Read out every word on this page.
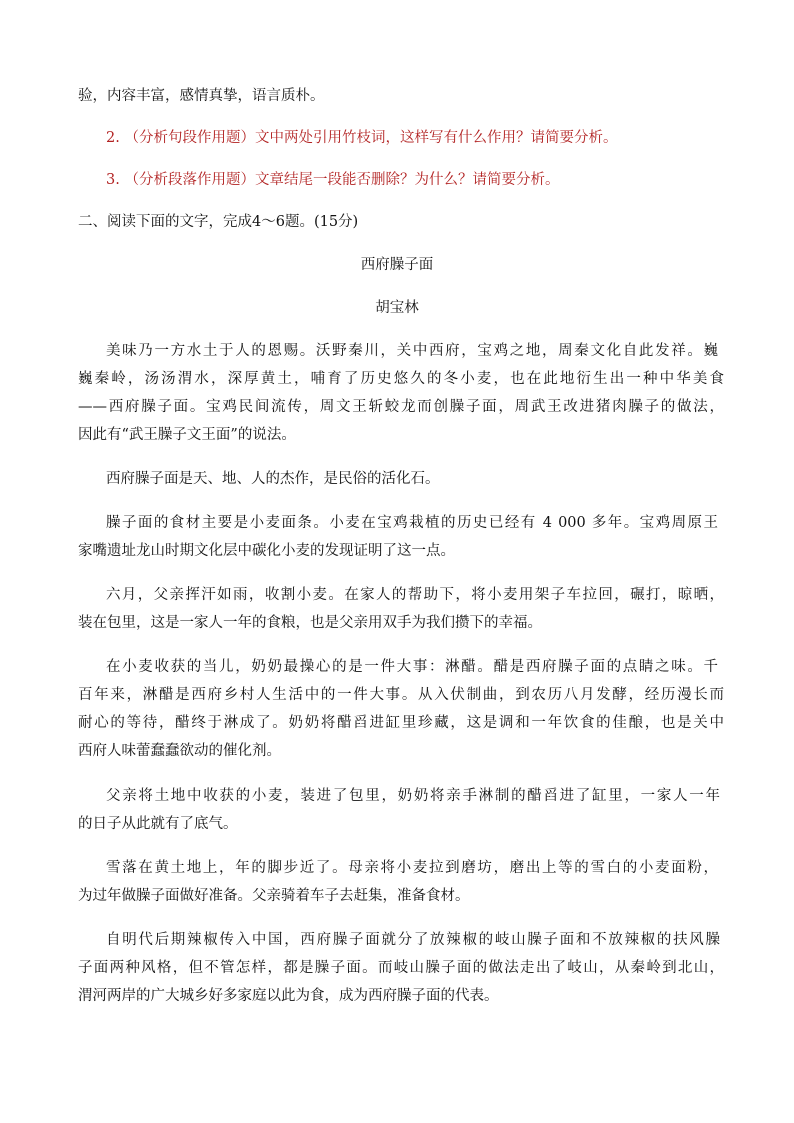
验，内容丰富，感情真挚，语言质朴。
2. （分析句段作用题）文中两处引用竹枝词，这样写有什么作用？请简要分析。
3. （分析段落作用题）文章结尾一段能否删除？为什么？请简要分析。
二、阅读下面的文字，完成4～6题。(15分)
西府臊子面
胡宝林
美味乃一方水土于人的恩赐。沃野秦川，关中西府，宝鸡之地，周秦文化自此发祥。巍
巍秦岭，汤汤渭水，深厚黄土，哺育了历史悠久的冬小麦，也在此地衍生出一种中华美食
——西府臊子面。宝鸡民间流传，周文王斩蛟龙而创臊子面，周武王改进猪肉臊子的做法，
因此有“武王臊子文王面”的说法。
西府臊子面是天、地、人的杰作，是民俗的活化石。
臊子面的食材主要是小麦面条。小麦在宝鸡栽植的历史已经有 4 000 多年。宝鸡周原王
家嘴遗址龙山时期文化层中碳化小麦的发现证明了这一点。
六月，父亲挥汗如雨，收割小麦。在家人的帮助下，将小麦用架子车拉回，碾打，晾晒，
装在包里，这是一家人一年的食粮，也是父亲用双手为我们攒下的幸福。
在小麦收获的当儿，奶奶最操心的是一件大事：淋醋。醋是西府臊子面的点睛之味。千
百年来，淋醋是西府乡村人生活中的一件大事。从入伏制曲，到农历八月发酵，经历漫长而
耐心的等待，醋终于淋成了。奶奶将醋舀进缸里珍藏，这是调和一年饮食的佳酿，也是关中
西府人味蕾蠢蠢欲动的催化剂。
父亲将土地中收获的小麦，装进了包里，奶奶将亲手淋制的醋舀进了缸里，一家人一年
的日子从此就有了底气。
雪落在黄土地上，年的脚步近了。母亲将小麦拉到磨坊，磨出上等的雪白的小麦面粉，
为过年做臊子面做好准备。父亲骑着车子去赶集，准备食材。
自明代后期辣椒传入中国，西府臊子面就分了放辣椒的岐山臊子面和不放辣椒的扶风臊
子面两种风格，但不管怎样，都是臊子面。而岐山臊子面的做法走出了岐山，从秦岭到北山，
渭河两岸的广大城乡好多家庭以此为食，成为西府臊子面的代表。
